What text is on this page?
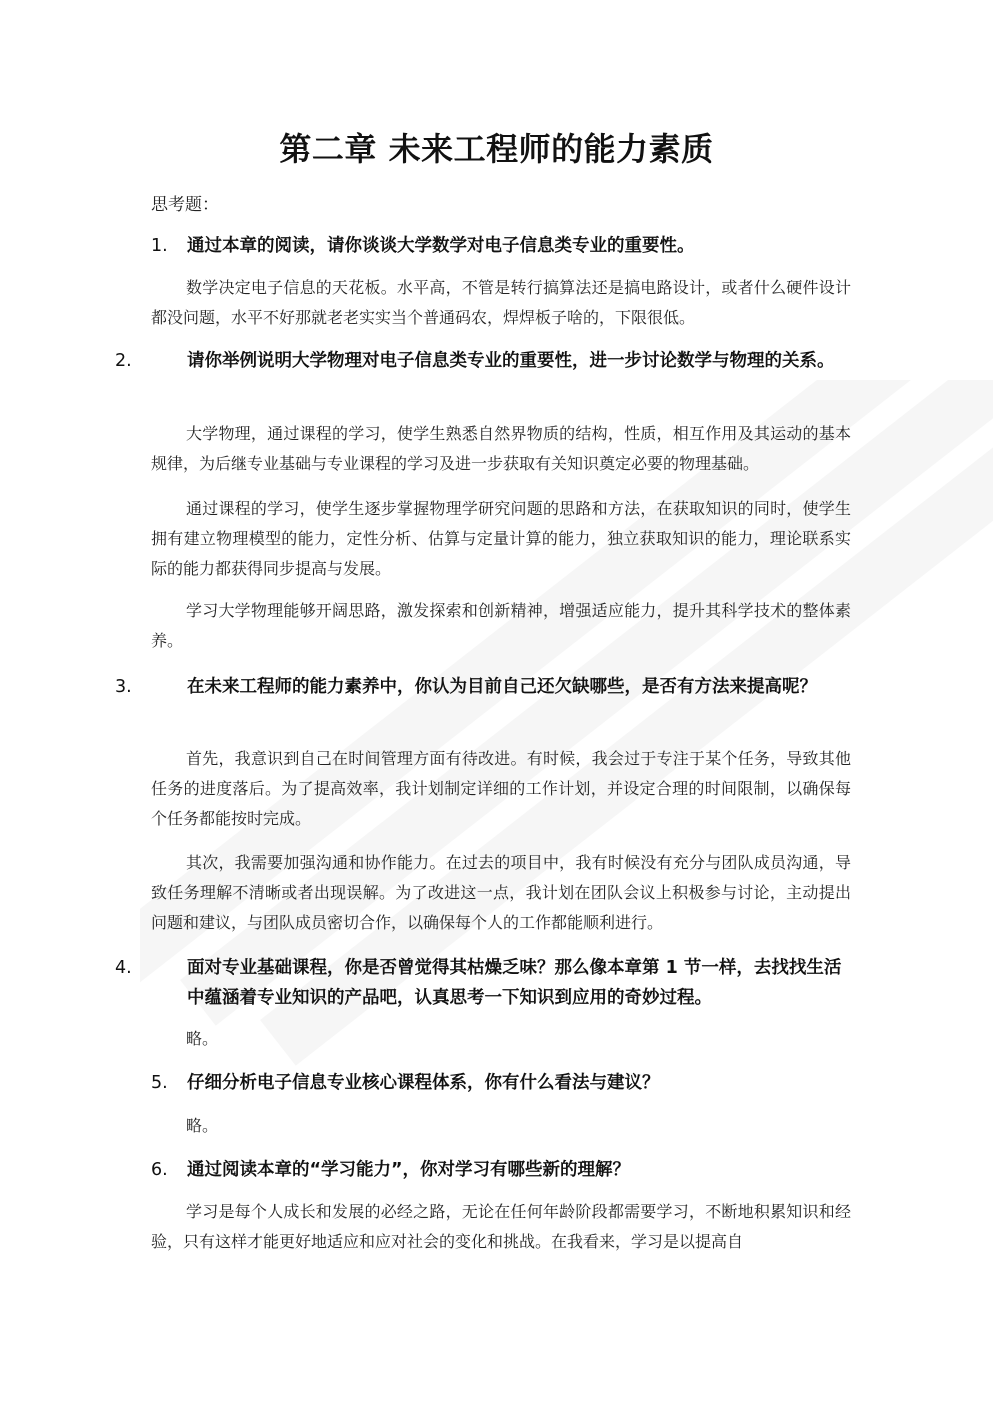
第二章 未来工程师的能力素质
思考题：
1. 通过本章的阅读，请你谈谈大学数学对电子信息类专业的重要性。
数学决定电子信息的天花板。水平高，不管是转行搞算法还是搞电路设计，或者什么硬件设计都没问题，水平不好那就老老实实当个普通码农，焊焊板子啥的，下限很低。
2.	请你举例说明大学物理对电子信息类专业的重要性，进一步讨论数学与物理的关系。
大学物理，通过课程的学习，使学生熟悉自然界物质的结构，性质，相互作用及其运动的基本规律，为后继专业基础与专业课程的学习及进一步获取有关知识奠定必要的物理基础。
通过课程的学习，使学生逐步掌握物理学研究问题的思路和方法，在获取知识的同时，使学生拥有建立物理模型的能力，定性分析、估算与定量计算的能力，独立获取知识的能力，理论联系实际的能力都获得同步提高与发展。
学习大学物理能够开阔思路，激发探索和创新精神，增强适应能力，提升其科学技术的整体素养。
3.	在未来工程师的能力素养中，你认为目前自己还欠缺哪些，是否有方法来提高呢？
首先，我意识到自己在时间管理方面有待改进。有时候，我会过于专注于某个任务，导致其他任务的进度落后。为了提高效率，我计划制定详细的工作计划，并设定合理的时间限制，以确保每个任务都能按时完成。
其次，我需要加强沟通和协作能力。在过去的项目中，我有时候没有充分与团队成员沟通，导致任务理解不清晰或者出现误解。为了改进这一点，我计划在团队会议上积极参与讨论，主动提出问题和建议，与团队成员密切合作，以确保每个人的工作都能顺利进行。
4.	面对专业基础课程，你是否曾觉得其枯燥乏味？那么像本章第 1 节一样，去找找生活中蕴涵着专业知识的产品吧，认真思考一下知识到应用的奇妙过程。
略。
5. 仔细分析电子信息专业核心课程体系，你有什么看法与建议？
略。
6. 通过阅读本章的“学习能力”，你对学习有哪些新的理解？
学习是每个人成长和发展的必经之路，无论在任何年龄阶段都需要学习，不断地积累知识和经验，只有这样才能更好地适应和应对社会的变化和挑战。在我看来，学习是以提高自
